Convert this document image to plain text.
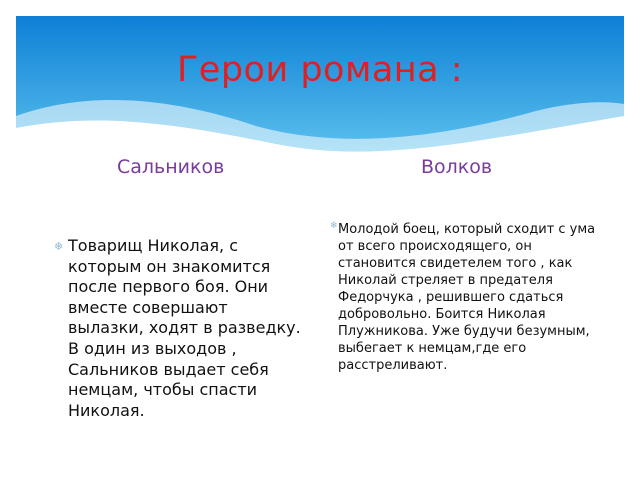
Герои романа :
Сальников	Волков
❄ Товарищ Николая, с которым он знакомится после первого боя. Они вместе совершают вылазки, ходят в разведку. В один из выходов , Сальников выдает себя немцам, чтобы спасти Николая.
❄ Молодой боец, который сходит с ума от всего происходящего, он становится свидетелем того , как Николай стреляет в предателя Федорчука , решившего сдаться добровольно. Боится Николая Плужникова. Уже будучи безумным, выбегает к немцам,где его расстреливают.
